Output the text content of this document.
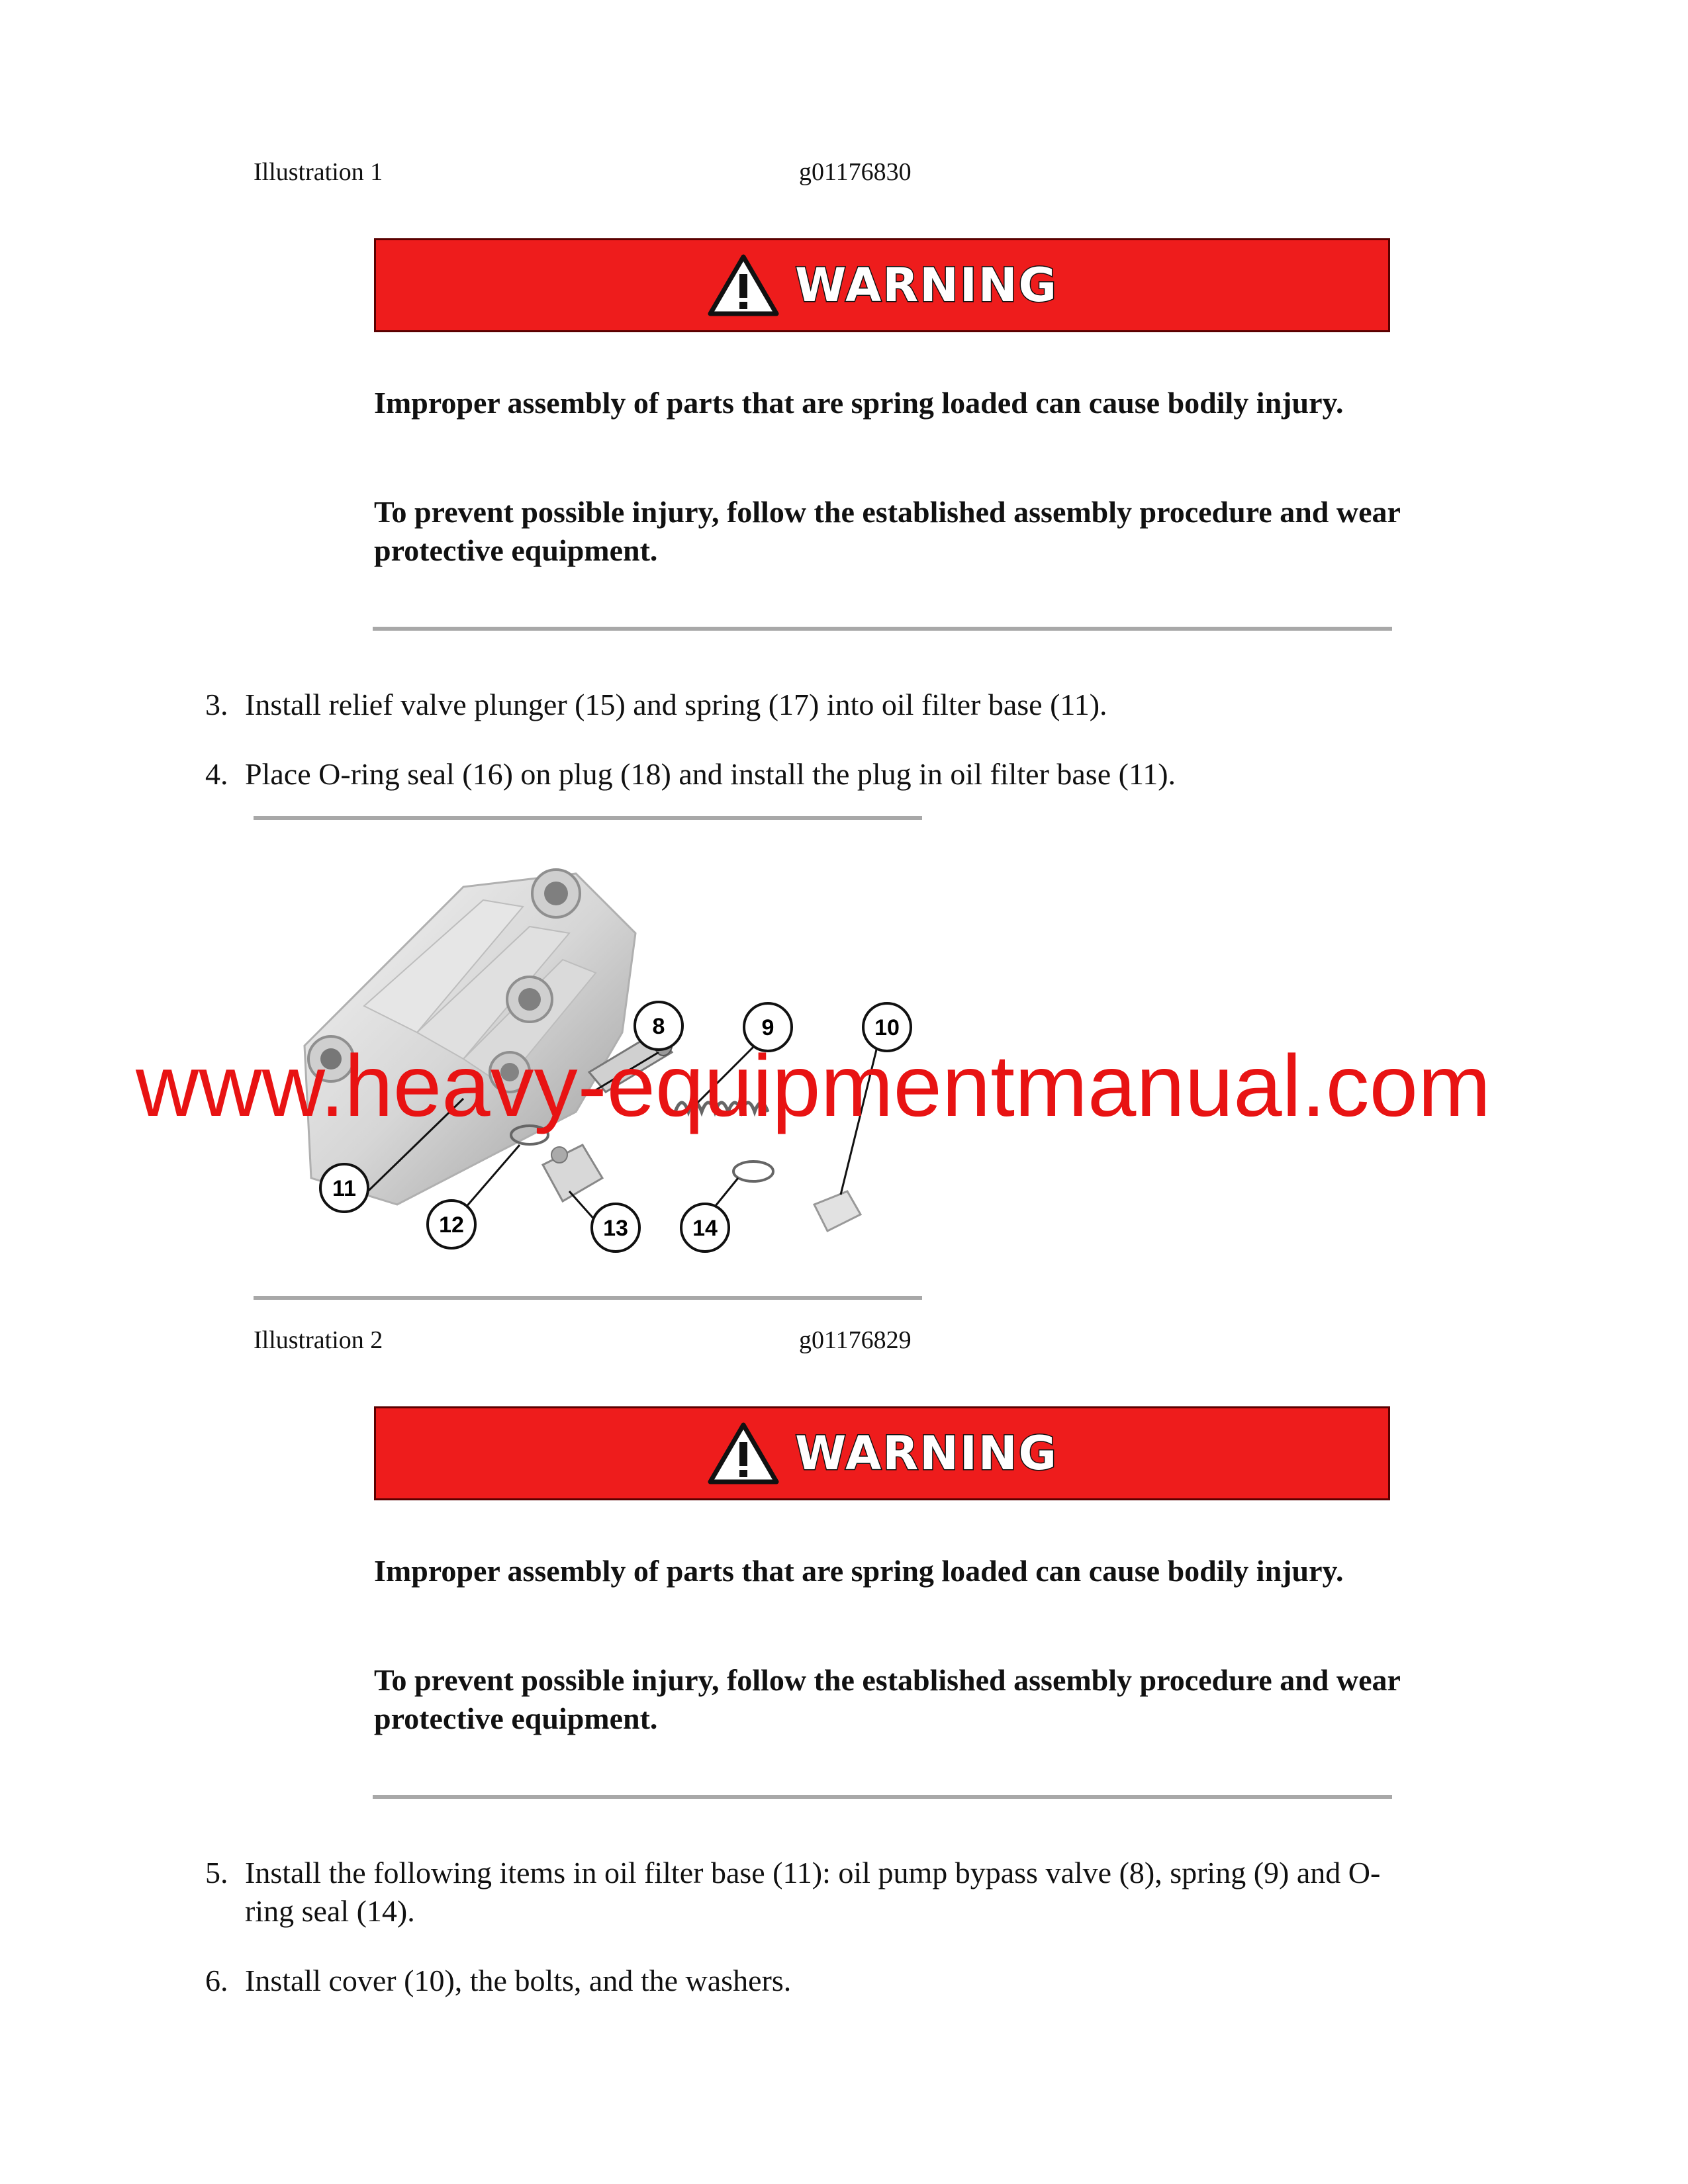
Illustration 1	g01176830
WARNING
Improper assembly of parts that are spring loaded can cause bodily injury.
To prevent possible injury, follow the established assembly procedure and wear protective equipment.
3. Install relief valve plunger (15) and spring (17) into oil filter base (11).
4. Place O-ring seal (16) on plug (18) and install the plug in oil filter base (11).
8	9	10
11
12	13	14
www.heavy-equipmentmanual.com
Illustration 2	g01176829
WARNING
Improper assembly of parts that are spring loaded can cause bodily injury.
To prevent possible injury, follow the established assembly procedure and wear protective equipment.
5. Install the following items in oil filter base (11): oil pump bypass valve (8), spring (9) and O-
ring seal (14).
6. Install cover (10), the bolts, and the washers.
